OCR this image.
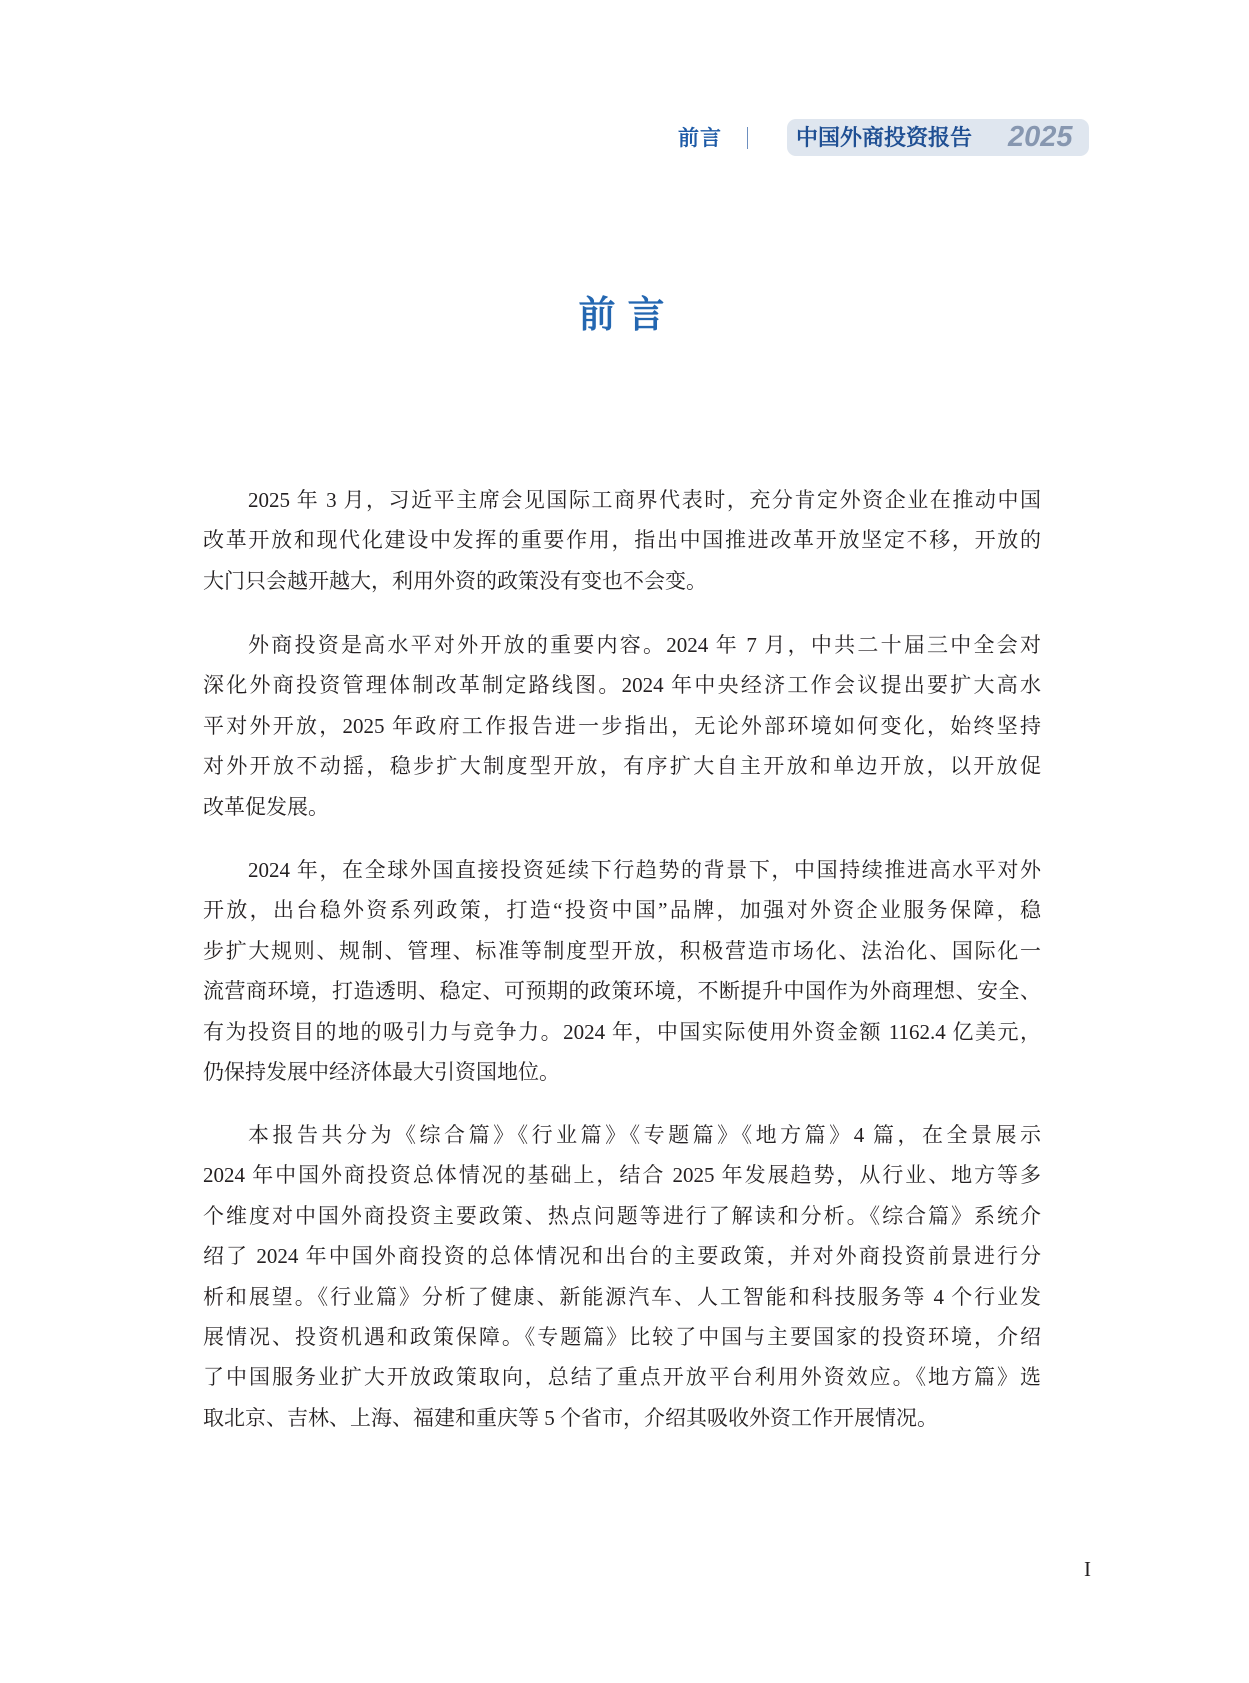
前言	中国外商投资报告 2025
前言
2025 年 3 月，习近平主席会见国际工商界代表时，充分肯定外资企业在推动中国
改革开放和现代化建设中发挥的重要作用，指出中国推进改革开放坚定不移，开放的
大门只会越开越大，利用外资的政策没有变也不会变。
外商投资是高水平对外开放的重要内容。2024 年 7 月，中共二十届三中全会对
深化外商投资管理体制改革制定路线图。2024 年中央经济工作会议提出要扩大高水
平对外开放，2025 年政府工作报告进一步指出，无论外部环境如何变化，始终坚持
对外开放不动摇，稳步扩大制度型开放，有序扩大自主开放和单边开放，以开放促
改革促发展。
2024 年，在全球外国直接投资延续下行趋势的背景下，中国持续推进高水平对外
开放，出台稳外资系列政策，打造“投资中国”品牌，加强对外资企业服务保障，稳
步扩大规则、规制、管理、标准等制度型开放，积极营造市场化、法治化、国际化一
流营商环境，打造透明、稳定、可预期的政策环境，不断提升中国作为外商理想、安全、
有为投资目的地的吸引力与竞争力。2024 年，中国实际使用外资金额 1162.4 亿美元，
仍保持发展中经济体最大引资国地位。
本报告共分为《综合篇》《行业篇》《专题篇》《地方篇》4 篇，在全景展示
2024 年中国外商投资总体情况的基础上，结合 2025 年发展趋势，从行业、地方等多
个维度对中国外商投资主要政策、热点问题等进行了解读和分析。《综合篇》系统介
绍了 2024 年中国外商投资的总体情况和出台的主要政策，并对外商投资前景进行分
析和展望。《行业篇》分析了健康、新能源汽车、人工智能和科技服务等 4 个行业发
展情况、投资机遇和政策保障。《专题篇》比较了中国与主要国家的投资环境，介绍
了中国服务业扩大开放政策取向，总结了重点开放平台利用外资效应。《地方篇》选
取北京、吉林、上海、福建和重庆等 5 个省市，介绍其吸收外资工作开展情况。
I
